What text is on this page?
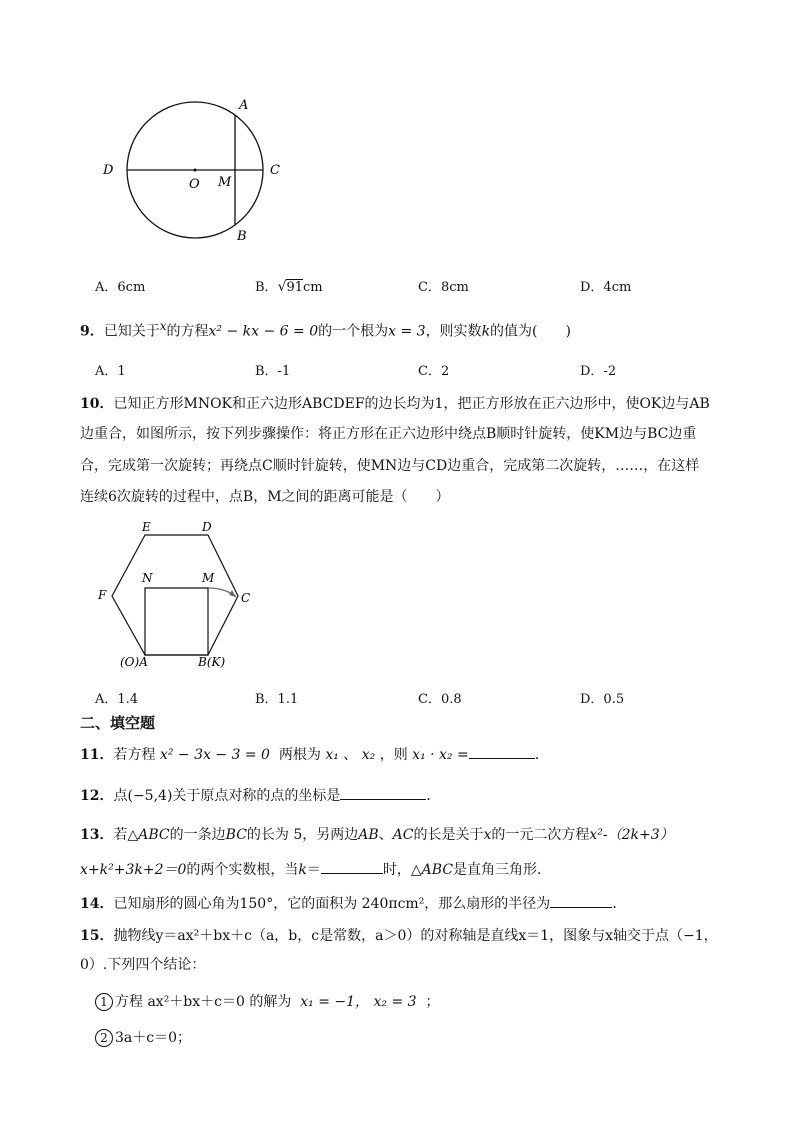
A
B
C
D
O M
A．6cm	B．√91cm	C．8cm	D．4cm
9．已知关于x的方程x² − kx − 6 = 0的一个根为x = 3，则实数k的值为(　　)
A．1	B．-1	C．2	D．-2
10．已知正方形MNOK和正六边形ABCDEF的边长均为1，把正方形放在正六边形中，使OK边与AB
边重合，如图所示，按下列步骤操作：将正方形在正六边形中绕点B顺时针旋转，使KM边与BC边重
合，完成第一次旋转；再绕点C顺时针旋转，使MN边与CD边重合，完成第二次旋转，……，在这样
连续6次旋转的过程中，点B，M之间的距离可能是（　　）
E	D
F	C
N	M
(O)A	B(K)
A．1.4	B．1.1	C．0.8	D．0.5
二、填空题
11．若方程 x² − 3x − 3 = 0 两根为 x₁ 、 x₂ ，则 x₁ · x₂ =	.
12．点(−5,4)关于原点对称的点的坐标是	．
13．若△ABC的一条边BC的长为 5，另两边AB、AC的长是关于x的一元二次方程x²-（2k+3）
x+k²+3k+2＝0的两个实数根，当k＝	时，△ABC是直角三角形．
14．已知扇形的圆心角为150°，它的面积为 240πcm²，那么扇形的半径为	．
15．抛物线y＝ax²＋bx＋c（a，b，c是常数，a＞0）的对称轴是直线x＝1，图象与x轴交于点（−1，
0）.下列四个结论：
1 方程 ax²＋bx＋c＝0 的解为 x₁ = −1， x₂ = 3  ；
2 3a＋c＝0；
